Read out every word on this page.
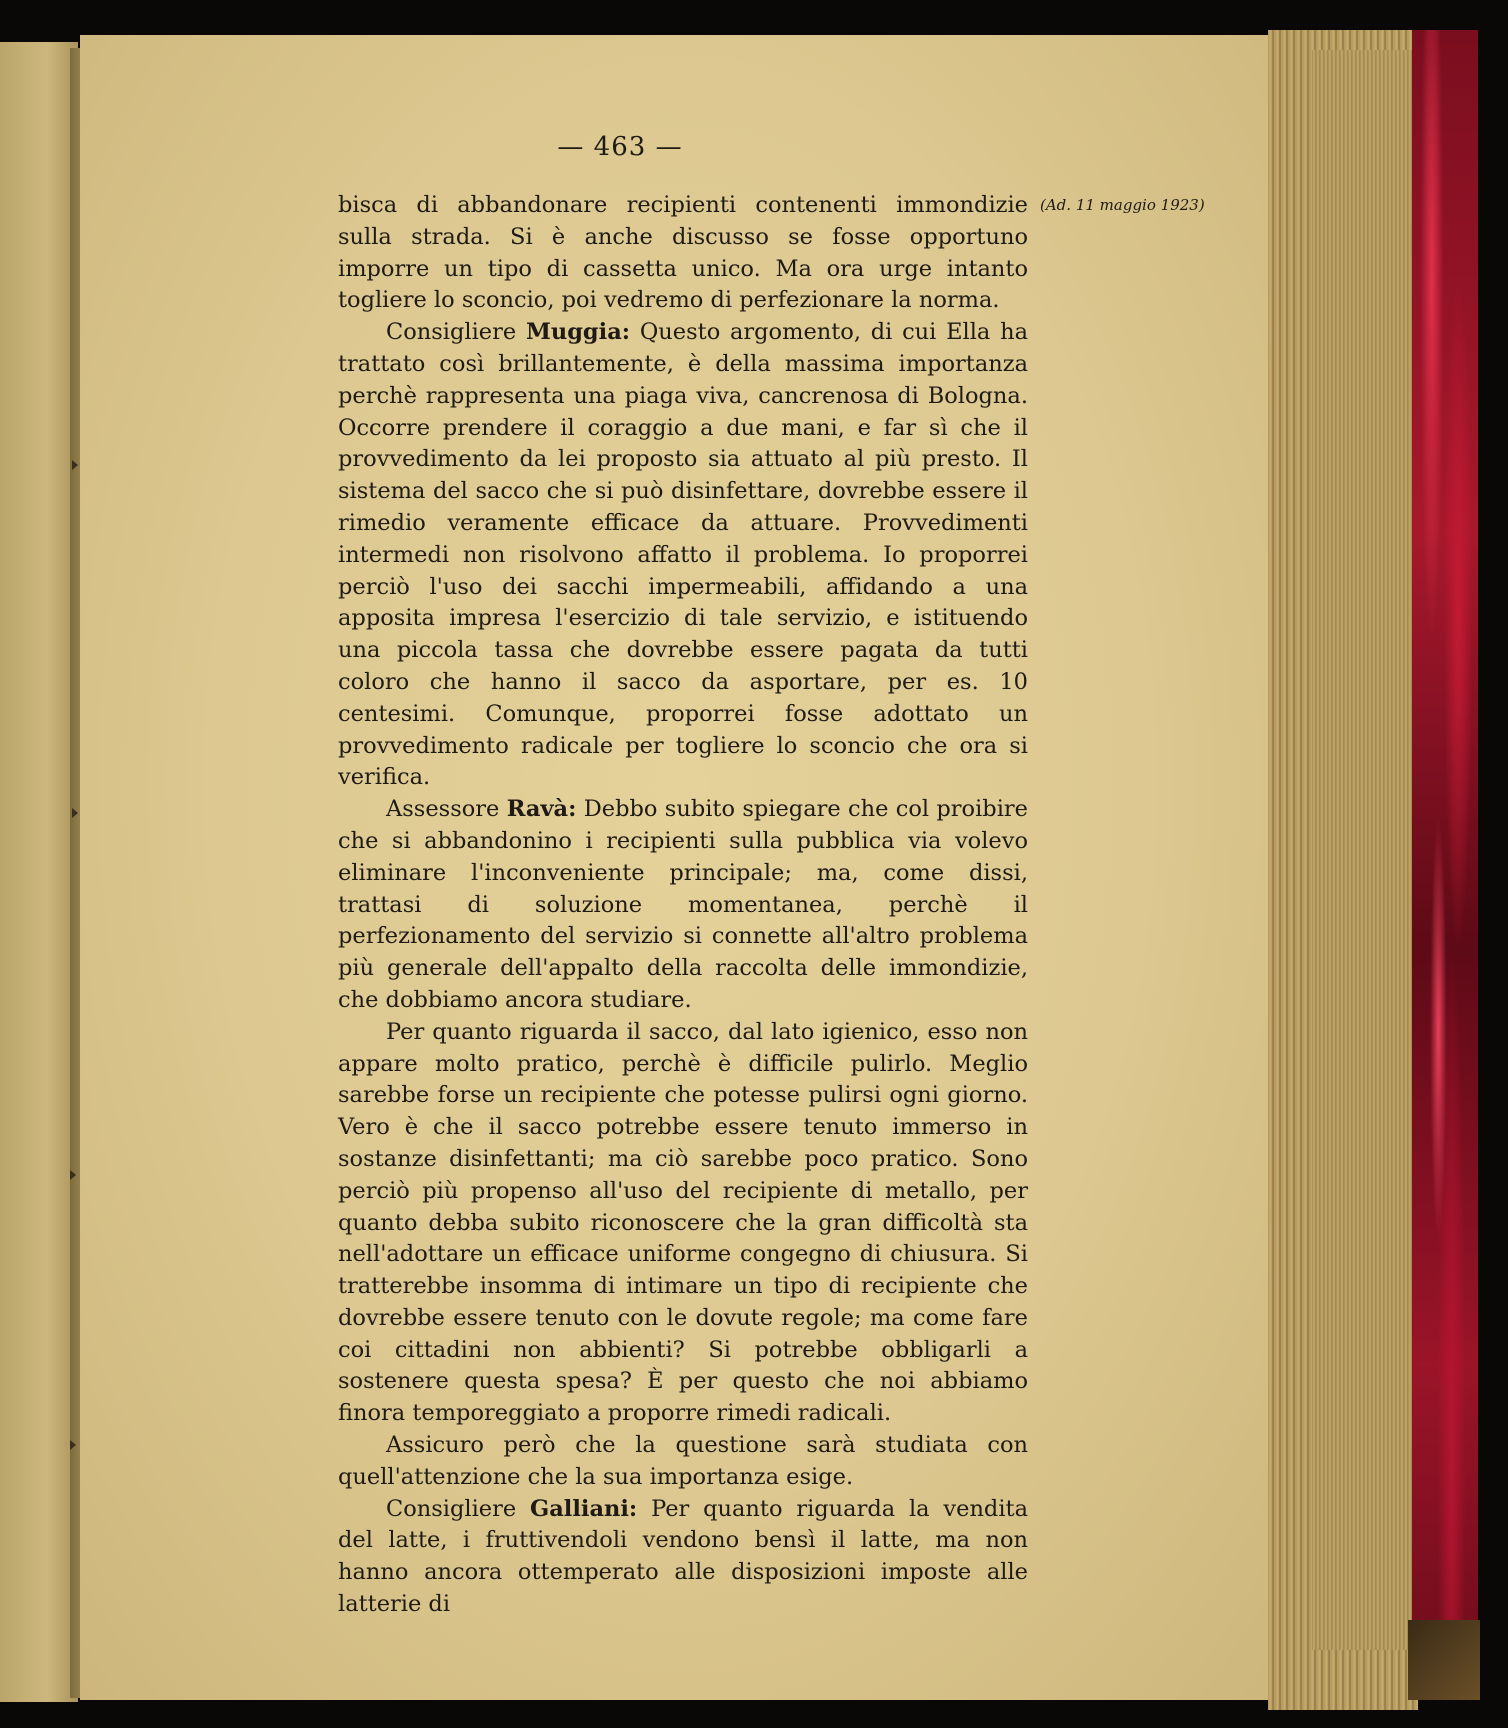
— 463 —
(Ad. 11 maggio 1923)

bisca di abbandonare recipienti contenenti immondizie sulla strada. Si è anche discusso se fosse opportuno imporre un tipo di cassetta unico. Ma ora urge intanto togliere lo sconcio, poi vedremo di perfezionare la norma.

Consigliere Muggia: Questo argomento, di cui Ella ha trattato così brillantemente, è della massima importanza perchè rappresenta una piaga viva, cancrenosa di Bologna. Occorre prendere il coraggio a due mani, e far sì che il provvedimento da lei proposto sia attuato al più presto. Il sistema del sacco che si può disinfettare, dovrebbe essere il rimedio veramente efficace da attuare. Provvedimenti intermedi non risolvono affatto il problema. Io proporrei perciò l'uso dei sacchi impermeabili, affidando a una apposita impresa l'esercizio di tale servizio, e istituendo una piccola tassa che dovrebbe essere pagata da tutti coloro che hanno il sacco da asportare, per es. 10 centesimi. Comunque, proporrei fosse adottato un provvedimento radicale per togliere lo sconcio che ora si verifica.

Assessore Ravà: Debbo subito spiegare che col proibire che si abbandonino i recipienti sulla pubblica via volevo eliminare l'inconveniente principale; ma, come dissi, trattasi di soluzione momentanea, perchè il perfezionamento del servizio si connette all'altro problema più generale dell'appalto della raccolta delle immondizie, che dobbiamo ancora studiare.

Per quanto riguarda il sacco, dal lato igienico, esso non appare molto pratico, perchè è difficile pulirlo. Meglio sarebbe forse un recipiente che potesse pulirsi ogni giorno. Vero è che il sacco potrebbe essere tenuto immerso in sostanze disinfettanti; ma ciò sarebbe poco pratico. Sono perciò più propenso all'uso del recipiente di metallo, per quanto debba subito riconoscere che la gran difficoltà sta nell'adottare un efficace uniforme congegno di chiusura. Si tratterebbe insomma di intimare un tipo di recipiente che dovrebbe essere tenuto con le dovute regole; ma come fare coi cittadini non abbienti? Si potrebbe obbligarli a sostenere questa spesa? È per questo che noi abbiamo finora temporeggiato a proporre rimedi radicali.

Assicuro però che la questione sarà studiata con quell'attenzione che la sua importanza esige.

Consigliere Galliani: Per quanto riguarda la vendita del latte, i fruttivendoli vendono bensì il latte, ma non hanno ancora ottemperato alle disposizioni imposte alle latterie di
